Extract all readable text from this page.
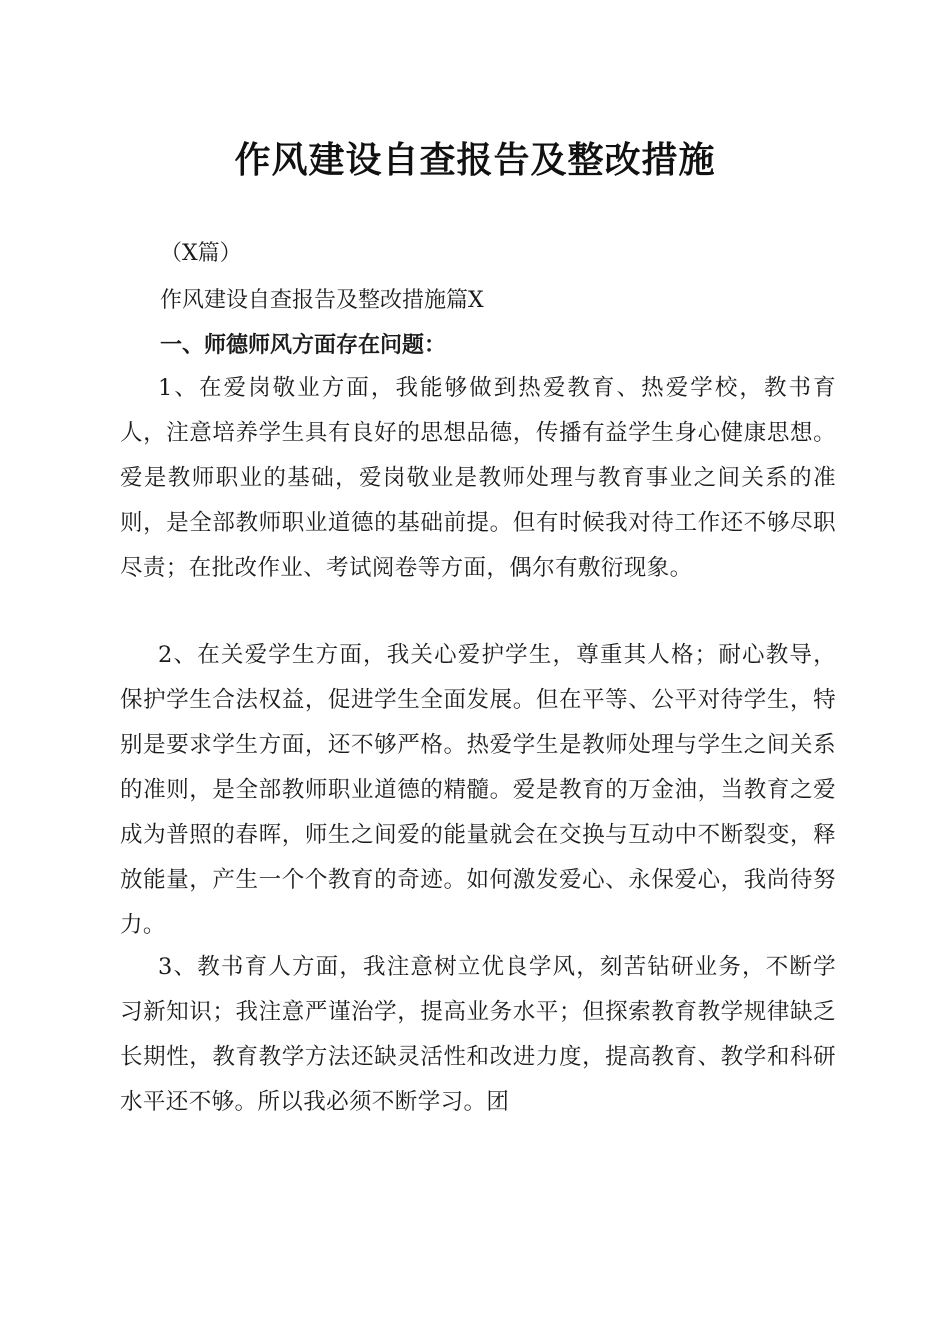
作风建设自查报告及整改措施
（X篇）
作风建设自查报告及整改措施篇X
一、师德师风方面存在问题：

1、在爱岗敬业方面，我能够做到热爱教育、热爱学校，教书育人，注意培养学生具有良好的思想品德，传播有益学生身心健康思想。爱是教师职业的基础，爱岗敬业是教师处理与教育事业之间关系的准则，是全部教师职业道德的基础前提。但有时候我对待工作还不够尽职尽责；在批改作业、考试阅卷等方面，偶尔有敷衍现象。

2、在关爱学生方面，我关心爱护学生，尊重其人格；耐心教导，保护学生合法权益，促进学生全面发展。但在平等、公平对待学生，特别是要求学生方面，还不够严格。热爱学生是教师处理与学生之间关系的准则，是全部教师职业道德的精髓。爱是教育的万金油，当教育之爱成为普照的春晖，师生之间爱的能量就会在交换与互动中不断裂变，释放能量，产生一个个教育的奇迹。如何激发爱心、永保爱心，我尚待努力。

3、教书育人方面，我注意树立优良学风，刻苦钻研业务，不断学习新知识；我注意严谨治学，提高业务水平；但探索教育教学规律缺乏长期性，教育教学方法还缺灵活性和改进力度，提高教育、教学和科研水平还不够。所以我必须不断学习。团
